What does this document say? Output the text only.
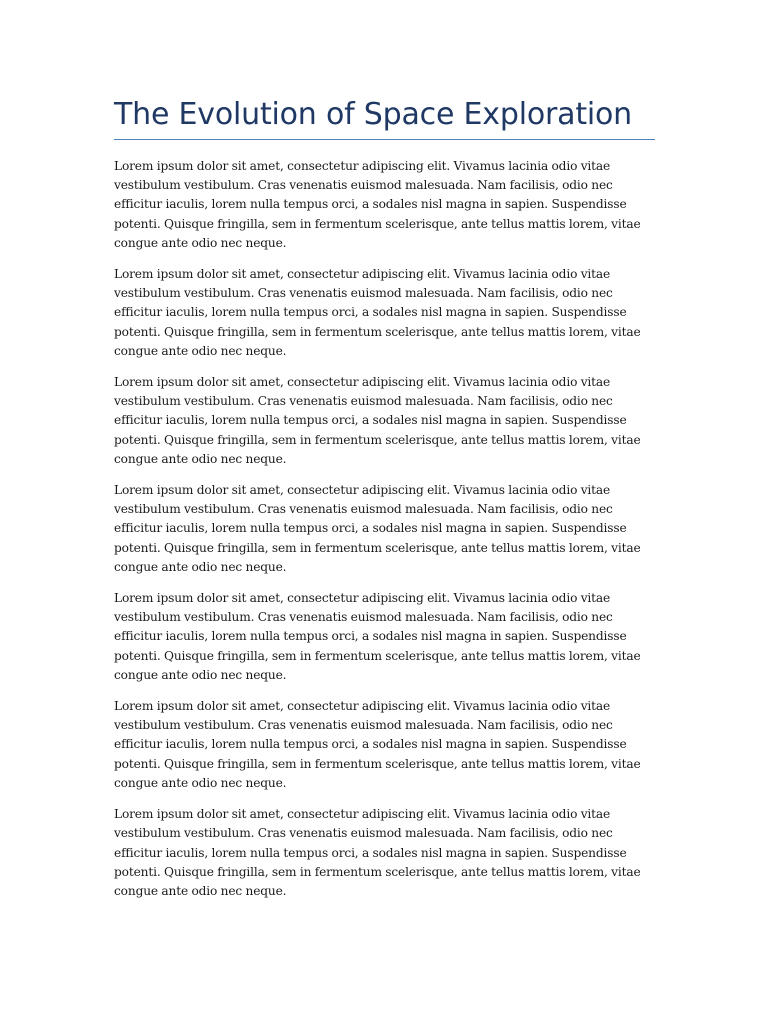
The Evolution of Space Exploration

Lorem ipsum dolor sit amet, consectetur adipiscing elit. Vivamus lacinia odio vitae vestibulum vestibulum. Cras venenatis euismod malesuada. Nam facilisis, odio nec efficitur iaculis, lorem nulla tempus orci, a sodales nisl magna in sapien. Suspendisse potenti. Quisque fringilla, sem in fermentum scelerisque, ante tellus mattis lorem, vitae congue ante odio nec neque.

Lorem ipsum dolor sit amet, consectetur adipiscing elit. Vivamus lacinia odio vitae vestibulum vestibulum. Cras venenatis euismod malesuada. Nam facilisis, odio nec efficitur iaculis, lorem nulla tempus orci, a sodales nisl magna in sapien. Suspendisse potenti. Quisque fringilla, sem in fermentum scelerisque, ante tellus mattis lorem, vitae congue ante odio nec neque.

Lorem ipsum dolor sit amet, consectetur adipiscing elit. Vivamus lacinia odio vitae vestibulum vestibulum. Cras venenatis euismod malesuada. Nam facilisis, odio nec efficitur iaculis, lorem nulla tempus orci, a sodales nisl magna in sapien. Suspendisse potenti. Quisque fringilla, sem in fermentum scelerisque, ante tellus mattis lorem, vitae congue ante odio nec neque.

Lorem ipsum dolor sit amet, consectetur adipiscing elit. Vivamus lacinia odio vitae vestibulum vestibulum. Cras venenatis euismod malesuada. Nam facilisis, odio nec efficitur iaculis, lorem nulla tempus orci, a sodales nisl magna in sapien. Suspendisse potenti. Quisque fringilla, sem in fermentum scelerisque, ante tellus mattis lorem, vitae congue ante odio nec neque.

Lorem ipsum dolor sit amet, consectetur adipiscing elit. Vivamus lacinia odio vitae vestibulum vestibulum. Cras venenatis euismod malesuada. Nam facilisis, odio nec efficitur iaculis, lorem nulla tempus orci, a sodales nisl magna in sapien. Suspendisse potenti. Quisque fringilla, sem in fermentum scelerisque, ante tellus mattis lorem, vitae congue ante odio nec neque.

Lorem ipsum dolor sit amet, consectetur adipiscing elit. Vivamus lacinia odio vitae vestibulum vestibulum. Cras venenatis euismod malesuada. Nam facilisis, odio nec efficitur iaculis, lorem nulla tempus orci, a sodales nisl magna in sapien. Suspendisse potenti. Quisque fringilla, sem in fermentum scelerisque, ante tellus mattis lorem, vitae congue ante odio nec neque.

Lorem ipsum dolor sit amet, consectetur adipiscing elit. Vivamus lacinia odio vitae vestibulum vestibulum. Cras venenatis euismod malesuada. Nam facilisis, odio nec efficitur iaculis, lorem nulla tempus orci, a sodales nisl magna in sapien. Suspendisse potenti. Quisque fringilla, sem in fermentum scelerisque, ante tellus mattis lorem, vitae congue ante odio nec neque.
